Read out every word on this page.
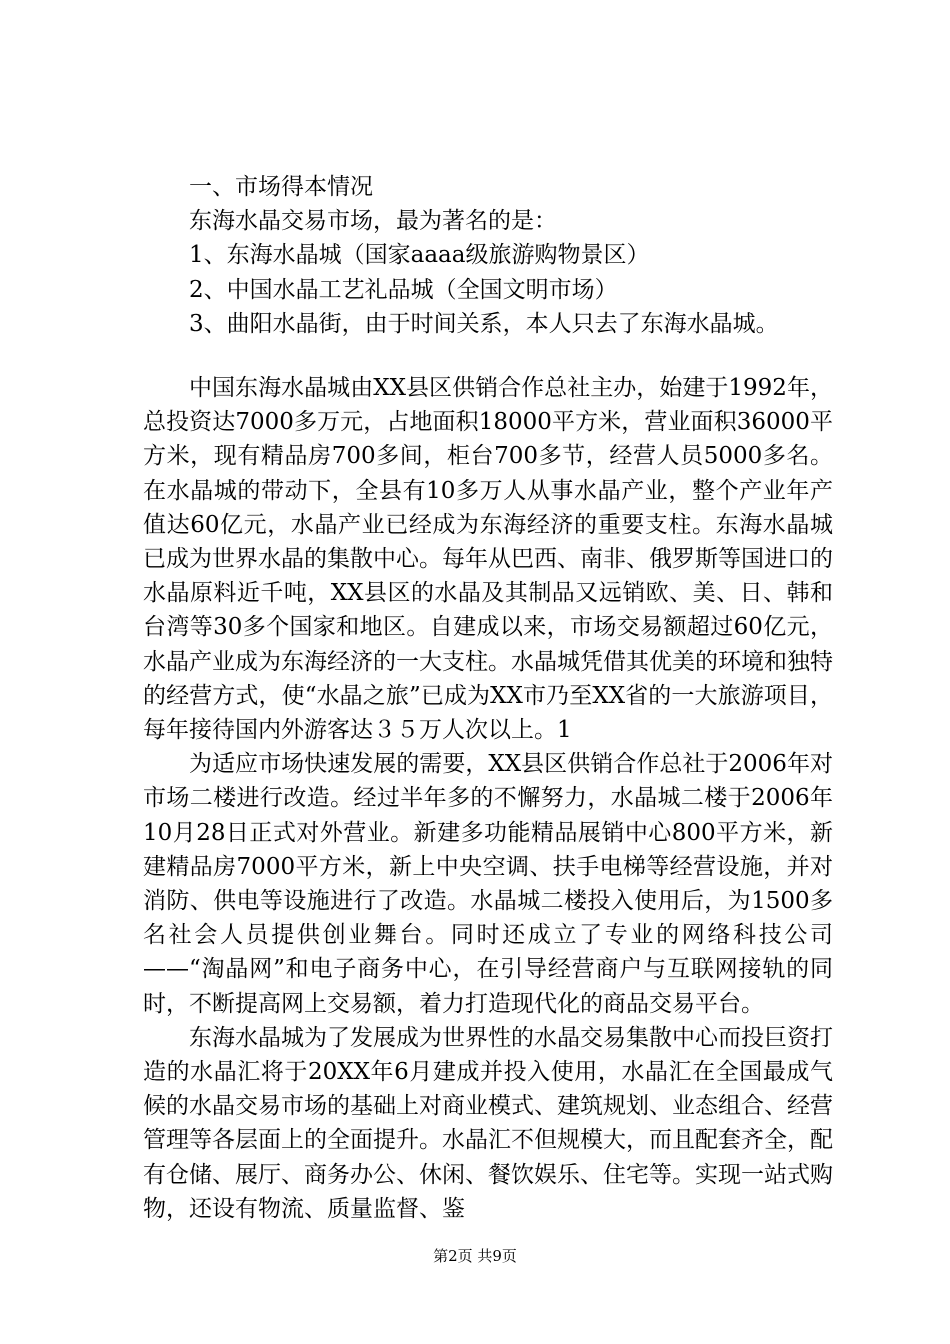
一、市场得本情况
东海水晶交易市场，最为著名的是：
1、东海水晶城（国家aaaa级旅游购物景区）
2、中国水晶工艺礼品城（全国文明市场）
3、曲阳水晶街，由于时间关系，本人只去了东海水晶城。

中国东海水晶城由XX县区供销合作总社主办，始建于1992年，总投资达7000多万元，占地面积18000平方米，营业面积36000平方米，现有精品房700多间，柜台700多节，经营人员5000多名。在水晶城的带动下，全县有10多万人从事水晶产业，整个产业年产值达60亿元，水晶产业已经成为东海经济的重要支柱。东海水晶城已成为世界水晶的集散中心。每年从巴西、南非、俄罗斯等国进口的水晶原料近千吨，XX县区的水晶及其制品又远销欧、美、日、韩和台湾等30多个国家和地区。自建成以来，市场交易额超过60亿元，水晶产业成为东海经济的一大支柱。水晶城凭借其优美的环境和独特的经营方式，使“水晶之旅”已成为XX市乃至XX省的一大旅游项目，每年接待国内外游客达３５万人次以上。1

为适应市场快速发展的需要，XX县区供销合作总社于2006年对市场二楼进行改造。经过半年多的不懈努力，水晶城二楼于2006年10月28日正式对外营业。新建多功能精品展销中心800平方米，新建精品房7000平方米，新上中央空调、扶手电梯等经营设施，并对消防、供电等设施进行了改造。水晶城二楼投入使用后，为1500多名社会人员提供创业舞台。同时还成立了专业的网络科技公司——“淘晶网”和电子商务中心，在引导经营商户与互联网接轨的同时，不断提高网上交易额，着力打造现代化的商品交易平台。

东海水晶城为了发展成为世界性的水晶交易集散中心而投巨资打造的水晶汇将于20XX年6月建成并投入使用，水晶汇在全国最成气候的水晶交易市场的基础上对商业模式、建筑规划、业态组合、经营管理等各层面上的全面提升。水晶汇不但规模大，而且配套齐全，配有仓储、展厅、商务办公、休闲、餐饮娱乐、住宅等。实现一站式购物，还设有物流、质量监督、鉴

第2页 共9页
